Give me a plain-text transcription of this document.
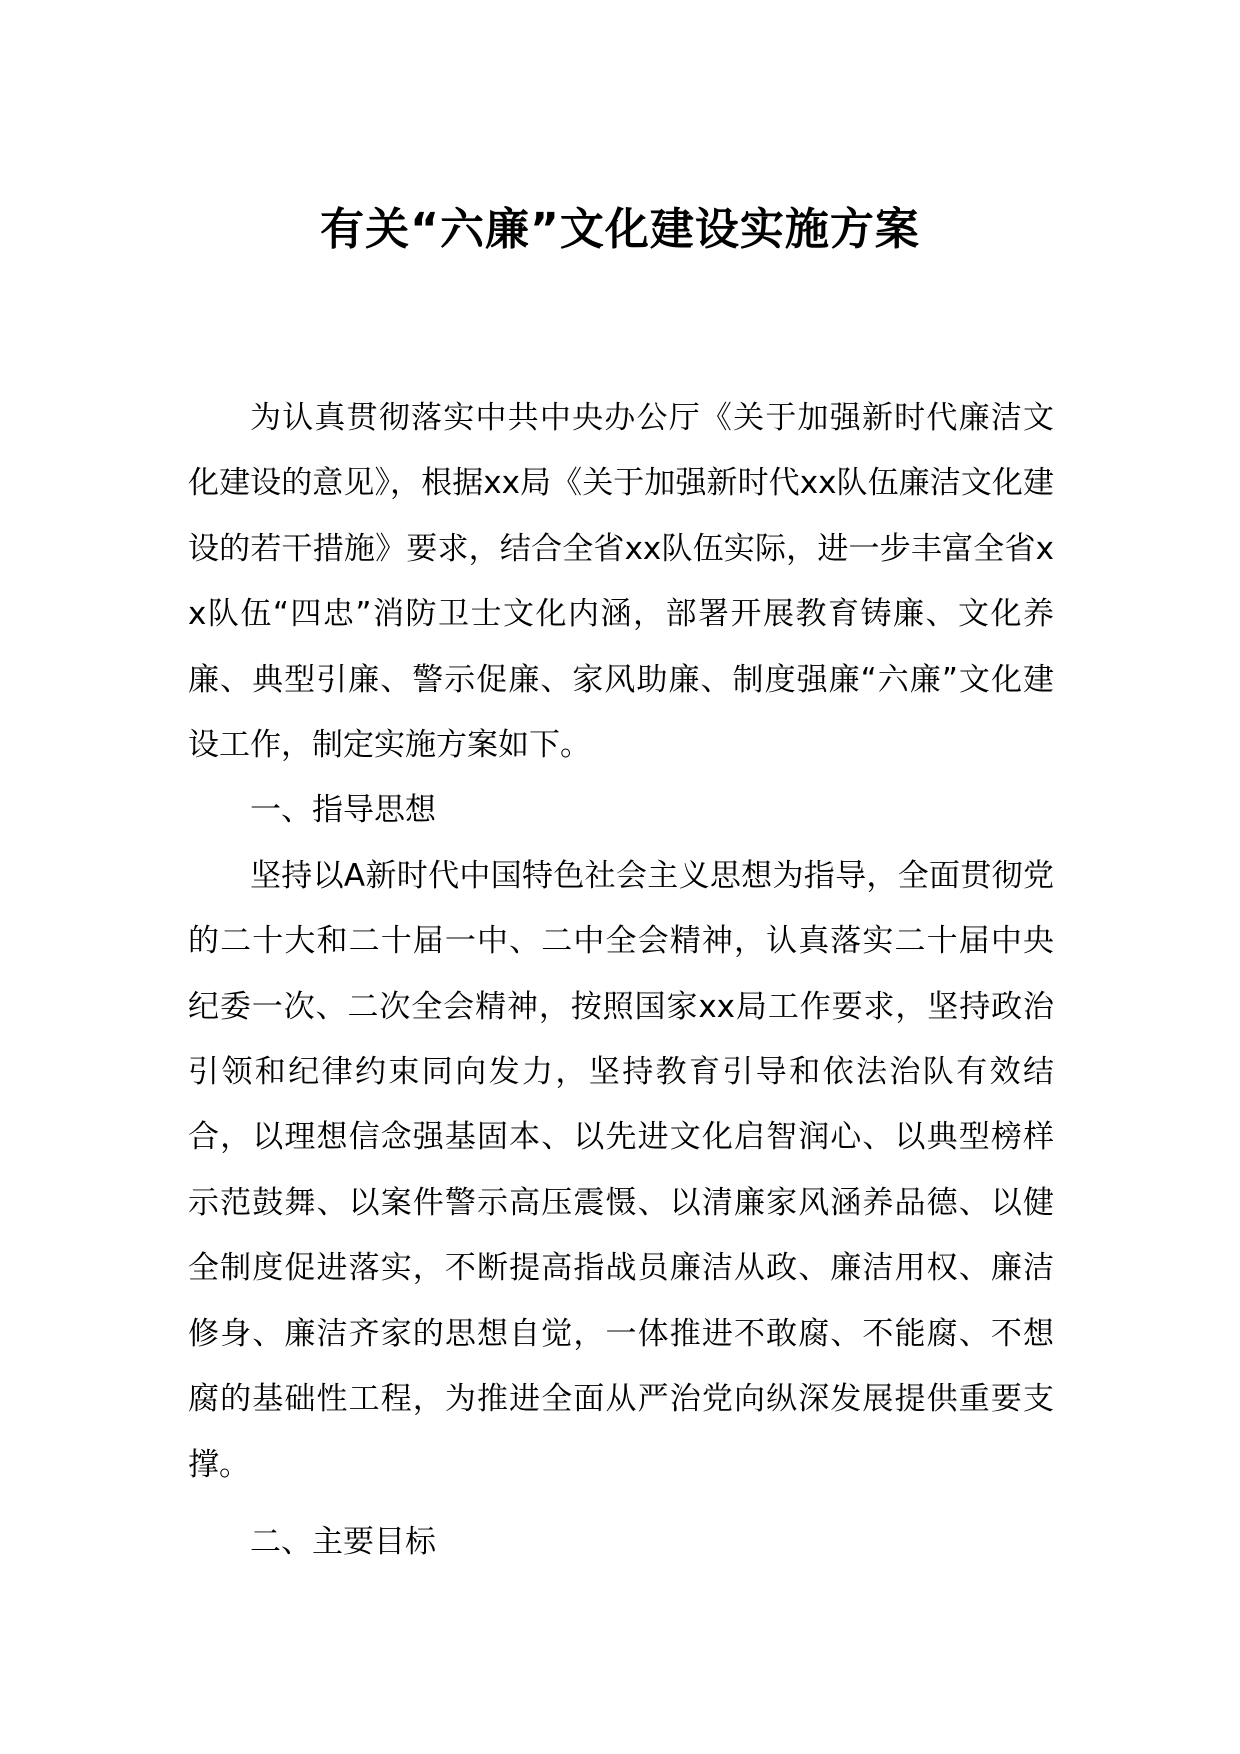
有关“六廉”文化建设实施方案

为认真贯彻落实中共中央办公厅《关于加强新时代廉洁文化建设的意见》，根据xx局《关于加强新时代xx队伍廉洁文化建设的若干措施》要求，结合全省xx队伍实际，进一步丰富全省xx队伍“四忠”消防卫士文化内涵，部署开展教育铸廉、文化养廉、典型引廉、警示促廉、家风助廉、制度强廉“六廉”文化建设工作，制定实施方案如下。

一、指导思想

坚持以A新时代中国特色社会主义思想为指导，全面贯彻党的二十大和二十届一中、二中全会精神，认真落实二十届中央纪委一次、二次全会精神，按照国家xx局工作要求，坚持政治引领和纪律约束同向发力，坚持教育引导和依法治队有效结合，以理想信念强基固本、以先进文化启智润心、以典型榜样示范鼓舞、以案件警示高压震慑、以清廉家风涵养品德、以健全制度促进落实，不断提高指战员廉洁从政、廉洁用权、廉洁修身、廉洁齐家的思想自觉，一体推进不敢腐、不能腐、不想腐的基础性工程，为推进全面从严治党向纵深发展提供重要支撑。

二、主要目标
